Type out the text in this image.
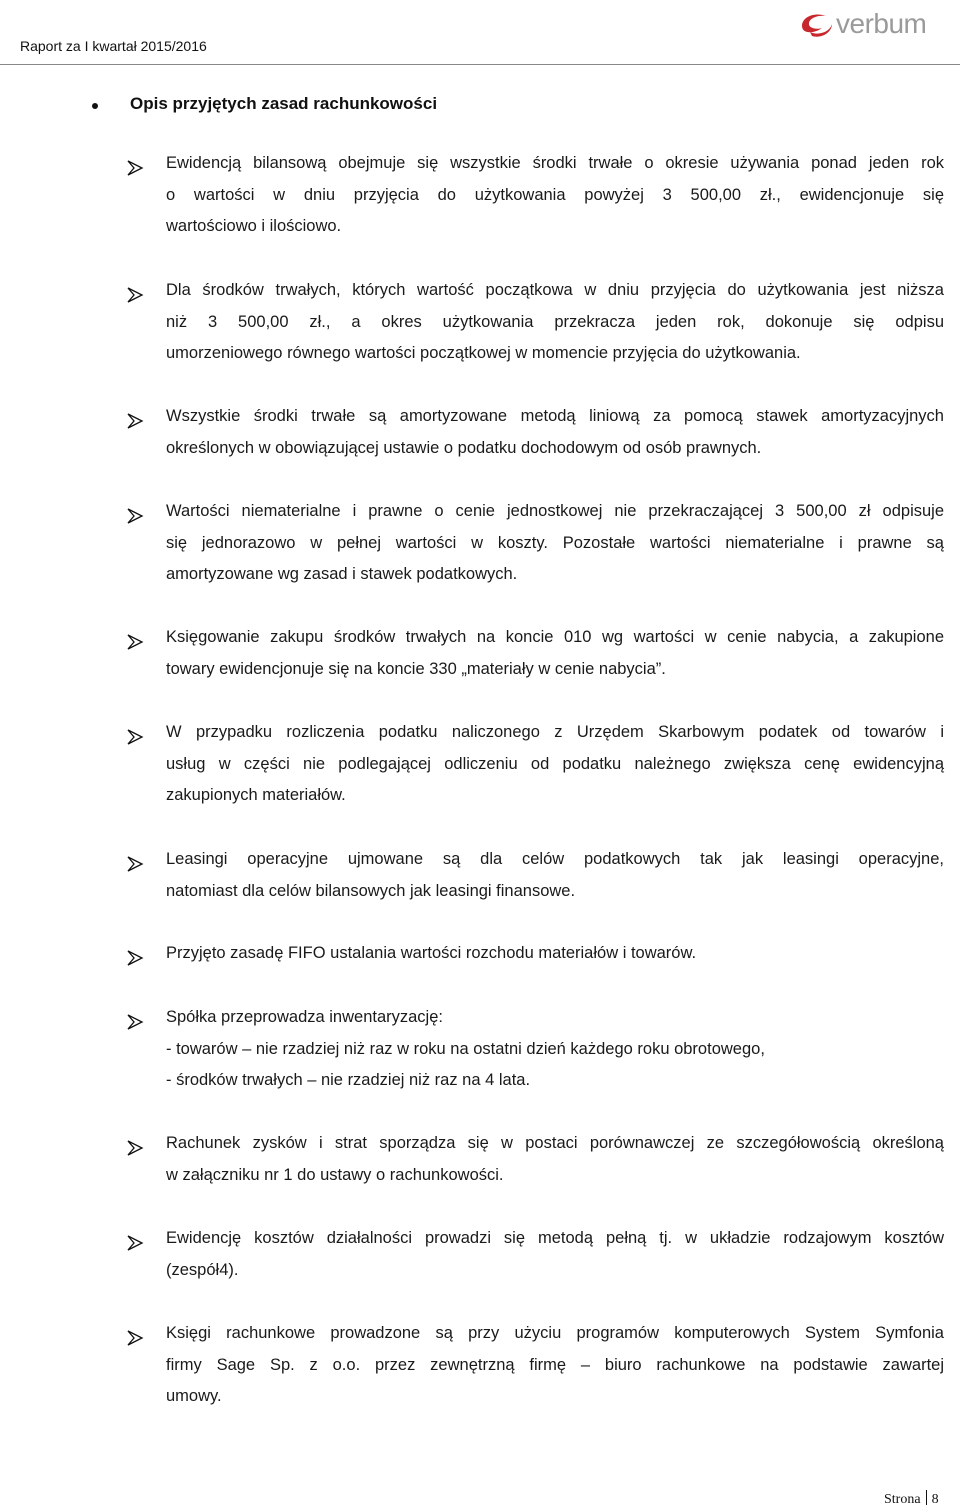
Raport za I kwartał 2015/2016
verbum
Opis przyjętych zasad rachunkowości
Ewidencją bilansową obejmuje się wszystkie środki trwałe o okresie używania ponad jeden rok
o wartości w dniu przyjęcia do użytkowania powyżej 3 500,00 zł., ewidencjonuje się
wartościowo i ilościowo.
Dla środków trwałych, których wartość początkowa w dniu przyjęcia do użytkowania jest niższa
niż 3 500,00 zł., a okres użytkowania przekracza jeden rok, dokonuje się odpisu
umorzeniowego równego wartości początkowej w momencie przyjęcia do użytkowania.
Wszystkie środki trwałe są amortyzowane metodą liniową za pomocą stawek amortyzacyjnych
określonych w obowiązującej ustawie o podatku dochodowym od osób prawnych.
Wartości niematerialne i prawne o cenie jednostkowej nie przekraczającej 3 500,00 zł odpisuje
się jednorazowo w pełnej wartości w koszty. Pozostałe wartości niematerialne i prawne są
amortyzowane wg zasad i stawek podatkowych.
Księgowanie zakupu środków trwałych na koncie 010 wg wartości w cenie nabycia, a zakupione
towary ewidencjonuje się na koncie 330 „materiały w cenie nabycia”.
W przypadku rozliczenia podatku naliczonego z Urzędem Skarbowym podatek od towarów i
usług w części nie podlegającej odliczeniu od podatku należnego zwiększa cenę ewidencyjną
zakupionych materiałów.
Leasingi operacyjne ujmowane są dla celów podatkowych tak jak leasingi operacyjne,
natomiast dla celów bilansowych jak leasingi finansowe.
Przyjęto zasadę FIFO ustalania wartości rozchodu materiałów i towarów.
Spółka przeprowadza inwentaryzację:
- towarów – nie rzadziej niż raz w roku na ostatni dzień każdego roku obrotowego,
- środków trwałych – nie rzadziej niż raz na 4 lata.
Rachunek zysków i strat sporządza się w postaci porównawczej ze szczegółowością określoną
w załączniku nr 1 do ustawy o rachunkowości.
Ewidencję kosztów działalności prowadzi się metodą pełną tj. w układzie rodzajowym kosztów
(zespół4).
Księgi rachunkowe prowadzone są przy użyciu programów komputerowych System Symfonia
firmy Sage Sp. z o.o. przez zewnętrzną firmę – biuro rachunkowe na podstawie zawartej
umowy.
Strona 8
